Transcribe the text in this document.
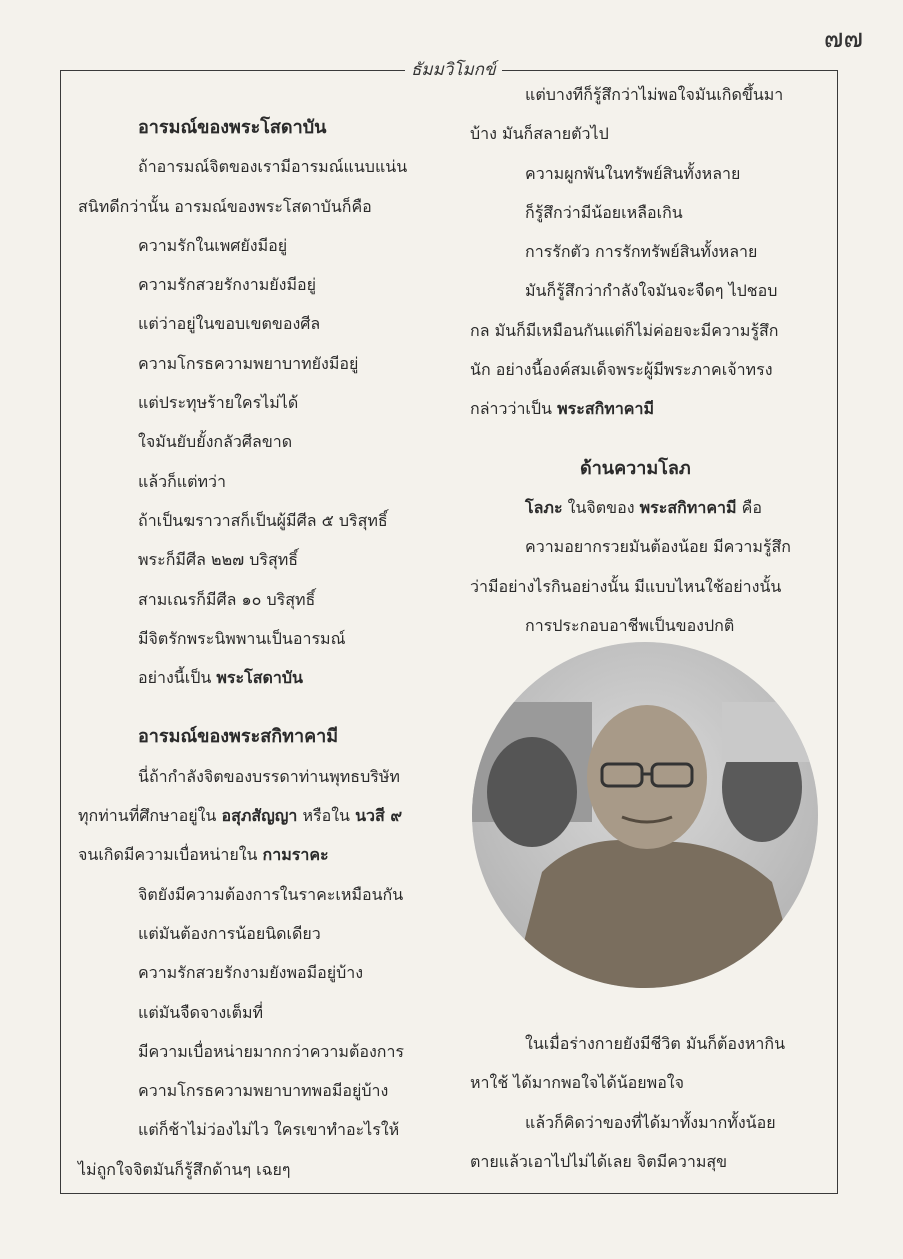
๗๗
ธัมมวิโมกข์
อารมณ์ของพระโสดาบัน
ถ้าอารมณ์จิตของเรามีอารมณ์แนบแน่น
สนิทดีกว่านั้น อารมณ์ของพระโสดาบันก็คือ
ความรักในเพศยังมีอยู่
ความรักสวยรักงามยังมีอยู่
แต่ว่าอยู่ในขอบเขตของศีล
ความโกรธความพยาบาทยังมีอยู่
แต่ประทุษร้ายใครไม่ได้
ใจมันยับยั้งกลัวศีลขาด
แล้วก็แต่ทว่า
ถ้าเป็นฆราวาสก็เป็นผู้มีศีล ๕ บริสุทธิ์
พระก็มีศีล ๒๒๗ บริสุทธิ์
สามเณรก็มีศีล ๑๐ บริสุทธิ์
มีจิตรักพระนิพพานเป็นอารมณ์
อย่างนี้เป็น พระโสดาบัน
อารมณ์ของพระสกิทาคามี
นี่ถ้ากำลังจิตของบรรดาท่านพุทธบริษัท
ทุกท่านที่ศึกษาอยู่ใน อสุภสัญญา หรือใน นวสี ๙
จนเกิดมีความเบื่อหน่ายใน กามราคะ
จิตยังมีความต้องการในราคะเหมือนกัน
แต่มันต้องการน้อยนิดเดียว
ความรักสวยรักงามยังพอมีอยู่บ้าง
แต่มันจืดจางเต็มที่
มีความเบื่อหน่ายมากกว่าความต้องการ
ความโกรธความพยาบาทพอมีอยู่บ้าง
แต่ก็ช้าไม่ว่องไม่ไว ใครเขาทำอะไรให้
ไม่ถูกใจจิตมันก็รู้สึกด้านๆ เฉยๆ
แต่บางทีก็รู้สึกว่าไม่พอใจมันเกิดขึ้นมา
บ้าง มันก็สลายตัวไป
ความผูกพันในทรัพย์สินทั้งหลาย
ก็รู้สึกว่ามีน้อยเหลือเกิน
การรักตัว การรักทรัพย์สินทั้งหลาย
มันก็รู้สึกว่ากำลังใจมันจะจืดๆ ไปชอบ
กล มันก็มีเหมือนกันแต่ก็ไม่ค่อยจะมีความรู้สึก
นัก อย่างนี้องค์สมเด็จพระผู้มีพระภาคเจ้าทรง
กล่าวว่าเป็น พระสกิทาคามี
ด้านความโลภ
โลภะ ในจิตของ พระสกิทาคามี คือ
ความอยากรวยมันต้องน้อย มีความรู้สึก
ว่ามีอย่างไรกินอย่างนั้น มีแบบไหนใช้อย่างนั้น
การประกอบอาชีพเป็นของปกติ
ในเมื่อร่างกายยังมีชีวิต มันก็ต้องหากิน
หาใช้ ได้มากพอใจได้น้อยพอใจ
แล้วก็คิดว่าของที่ได้มาทั้งมากทั้งน้อย
ตายแล้วเอาไปไม่ได้เลย จิตมีความสุข
